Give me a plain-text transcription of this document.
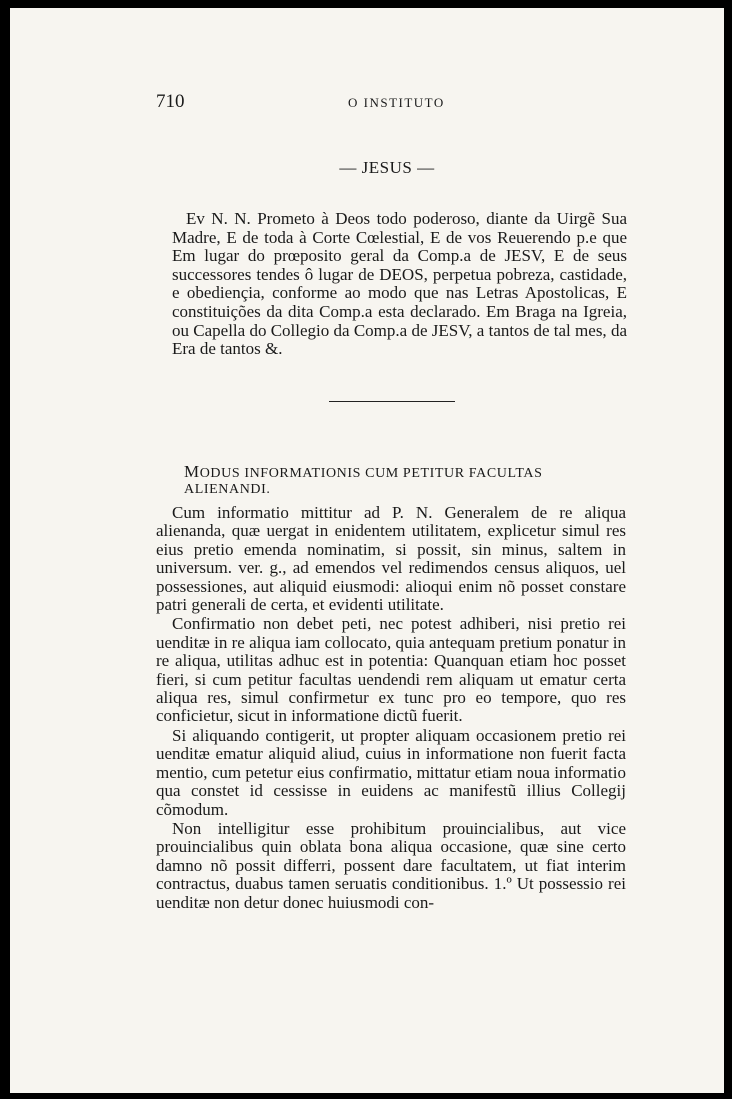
710	O INSTITUTO
— JESUS —

Ev N. N. Prometo à Deos todo poderoso, diante da Uirgẽ Sua Madre, E de toda à Corte Cœlestial, E de vos Reuerendo p.e que Em lugar do prœposito geral da Comp.a de JESV, E de seus successores tendes ô lugar de DEOS, perpetua pobreza, castidade, e obediençia, conforme ao modo que nas Letras Apostolicas, E constituições da dita Comp.a esta declarado. Em Braga na Igreia, ou Capella do Collegio da Comp.a de JESV, a tantos de tal mes, da Era de tantos &.

MODUS INFORMATIONIS CUM PETITUR FACULTAS ALIENANDI.

Cum informatio mittitur ad P. N. Generalem de re aliqua alienanda, quæ uergat in enidentem utilitatem, explicetur simul res eius pretio emenda nominatim, si possit, sin minus, saltem in universum. ver. g., ad emendos vel redimendos census aliquos, uel possessiones, aut aliquid eiusmodi: alioqui enim nõ posset constare patri generali de certa, et evidenti utilitate.

Confirmatio non debet peti, nec potest adhiberi, nisi pretio rei uenditæ in re aliqua iam collocato, quia antequam pretium ponatur in re aliqua, utilitas adhuc est in potentia: Quanquan etiam hoc posset fieri, si cum petitur facultas uendendi rem aliquam ut ematur certa aliqua res, simul confirmetur ex tunc pro eo tempore, quo res conficietur, sicut in informatione dictũ fuerit.

Si aliquando contigerit, ut propter aliquam occasionem pretio rei uenditæ ematur aliquid aliud, cuius in informatione non fuerit facta mentio, cum petetur eius confirmatio, mittatur etiam noua informatio qua constet id cessisse in euidens ac manifestũ illius Collegij cõmodum.

Non intelligitur esse prohibitum prouincialibus, aut vice prouincialibus quin oblata bona aliqua occasione, quæ sine certo damno nõ possit differri, possent dare facultatem, ut fiat interim contractus, duabus tamen seruatis conditionibus. 1.º Ut possessio rei uenditæ non detur donec huiusmodi con-
